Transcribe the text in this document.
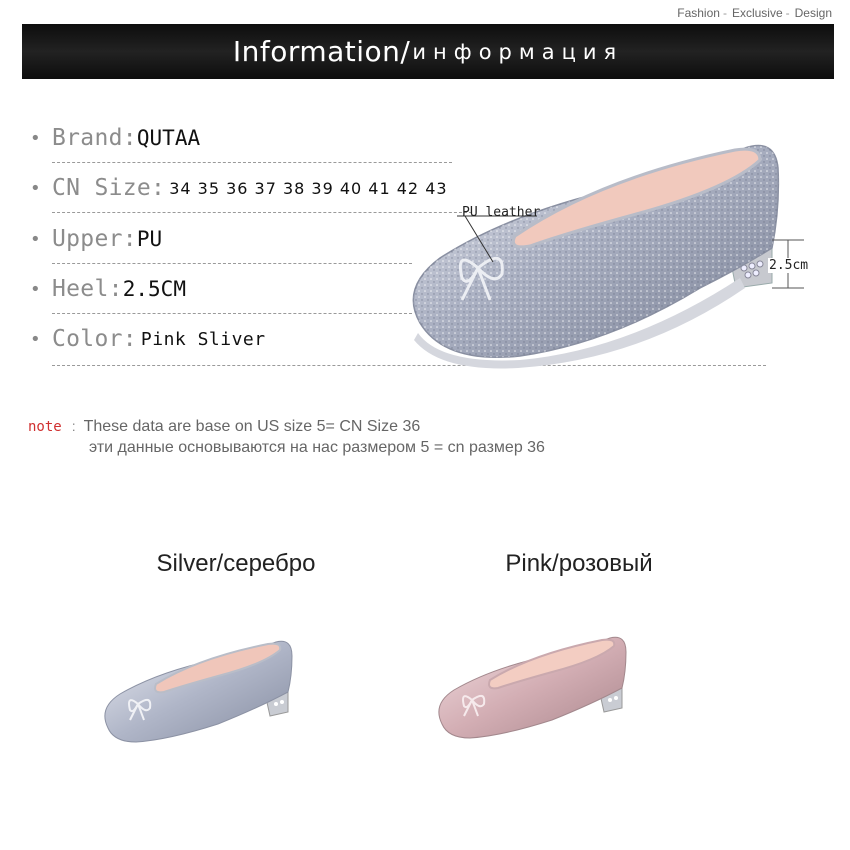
Fashion - Exclusive - Design
Information/ информация
• Brand: QUTAA
• CN Size: 34 35 36 37 38 39 40 41 42 43
• Upper: PU
• Heel: 2.5CM
• Color: Pink Sliver
PU leather
2.5cm
note : These data are base on US size 5= CN Size 36
эти данные основываются на нас размером 5 = cn размер 36
Silver/серебро	Pink/розовый
